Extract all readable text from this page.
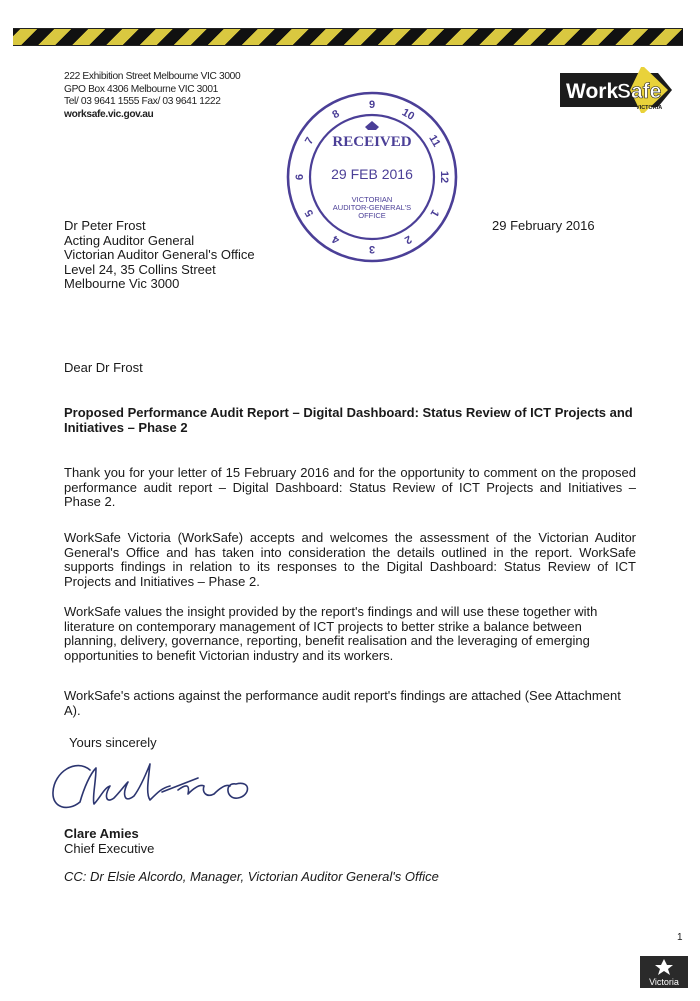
222 Exhibition Street Melbourne VIC 3000
GPO Box 4306 Melbourne VIC 3001
Tel/ 03 9641 1555 Fax/ 03 9641 1222
worksafe.vic.gov.au
Work
Safe
VICTORIA
9
10
11
12
1
2
3
4
5
6
7
8
RECEIVED
29 FEB 2016
VICTORIAN
AUDITOR-GENERAL'S
OFFICE
Dr Peter Frost
Acting Auditor General
Victorian Auditor General's Office
Level 24, 35 Collins Street
Melbourne Vic 3000
29 February 2016

Dear Dr Frost

Proposed Performance Audit Report – Digital Dashboard: Status Review of ICT Projects and Initiatives – Phase 2

Thank you for your letter of 15 February 2016 and for the opportunity to comment on the proposed performance audit report – Digital Dashboard: Status Review of ICT Projects and Initiatives – Phase 2.

WorkSafe Victoria (WorkSafe) accepts and welcomes the assessment of the Victorian Auditor General's Office and has taken into consideration the details outlined in the report. WorkSafe supports findings in relation to its responses to the Digital Dashboard: Status Review of ICT Projects and Initiatives – Phase 2.

WorkSafe values the insight provided by the report's findings and will use these together with literature on contemporary management of ICT projects to better strike a balance between planning, delivery, governance, reporting, benefit realisation and the leveraging of emerging opportunities to benefit Victorian industry and its workers.

WorkSafe's actions against the performance audit report's findings are attached (See Attachment A).

Yours sincerely
Clare Amies
Chief Executive
CC: Dr Elsie Alcordo, Manager, Victorian Auditor General's Office
1
Victoria
